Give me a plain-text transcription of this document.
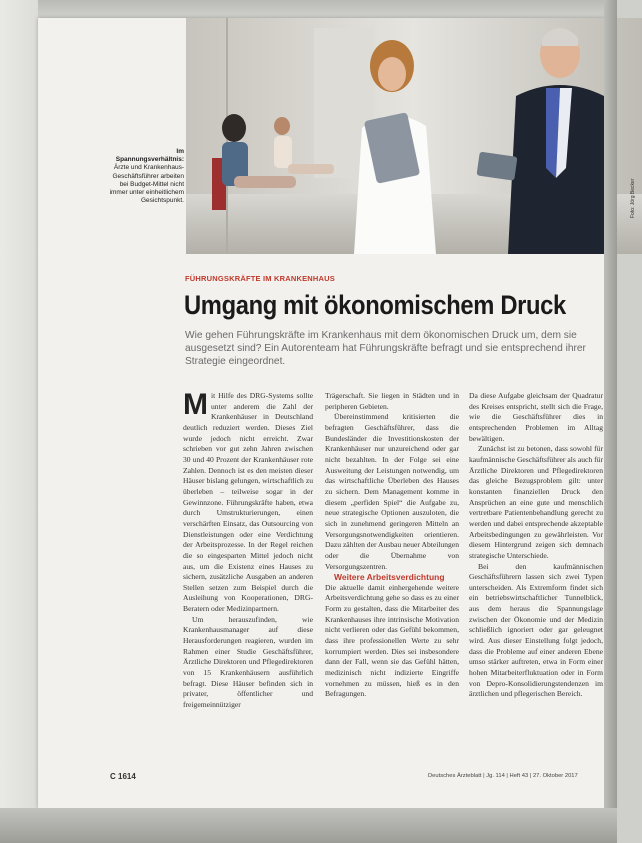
Im Spannungsverhältnis: Ärzte und Krankenhaus-Geschäftsführer arbeiten bei Budget-Mittel nicht immer unter einheitlichem Gesichtspunkt.	Foto: Jörg Becker
FÜHRUNGSKRÄFTE IM KRANKENHAUS
Umgang mit ökonomischem Druck
Wie gehen Führungskräfte im Krankenhaus mit dem ökonomischen Druck um, dem sie ausgesetzt sind? Ein Autorenteam hat Führungskräfte befragt und sie entsprechend ihrer Strategie eingeordnet.

Mit Hilfe des DRG-Systems sollte unter anderem die Zahl der Krankenhäuser in Deutschland deutlich reduziert werden. Dieses Ziel wurde jedoch nicht erreicht. Zwar schrieben vor gut zehn Jahren zwischen 30 und 40 Prozent der Krankenhäuser rote Zahlen. Dennoch ist es den meisten dieser Häuser bislang gelungen, wirtschaftlich zu überleben – teilweise sogar in der Gewinnzone. Führungskräfte haben, etwa durch Umstrukturierungen, einen verschärften Einsatz, das Outsourcing von Dienstleistungen oder eine Verdichtung der Arbeitsprozesse. In der Regel reichen die so eingesparten Mittel jedoch nicht aus, um die Existenz eines Hauses zu sichern, zusätzliche Ausgaben an anderen Stellen setzen zum Beispiel durch die Ausleihung von Kooperationen, DRG-Beratern oder Medizinpartnern.

Um herauszufinden, wie Krankenhausmanager auf diese Herausforderungen reagieren, wurden im Rahmen einer Studie Geschäftsführer, Ärztliche Direktoren und Pflegedirektoren von 15 Krankenhäusern ausführlich befragt. Diese Häuser befinden sich in privater, öffentlicher und freigemeinnütziger

Trägerschaft. Sie liegen in Städten und in peripheren Gebieten.

Übereinstimmend kritisierten die befragten Geschäftsführer, dass die Bundesländer die Investitionskosten der Krankenhäuser nur unzureichend oder gar nicht bezahlten. In der Folge sei eine Ausweitung der Leistungen notwendig, um das wirtschaftliche Überleben des Hauses zu sichern. Dem Management komme in diesem „perfiden Spiel“ die Aufgabe zu, neue strategische Optionen auszuloten, die sich in zunehmend geringeren Mitteln an Versorgungsnotwendigkeiten orientieren. Dazu zählten der Ausbau neuer Abteilungen oder die Übernahme von Versorgungszentren.

Weitere Arbeitsverdichtung

Die aktuelle damit einhergehende weitere Arbeitsverdichtung gehe so dass es zu einer Form zu gestalten, dass die Mitarbeiter des Krankenhauses ihre intrinsische Motivation nicht verlieren oder das Gefühl bekommen, dass ihre professionellen Werte zu sehr korrumpiert werden. Dies sei insbesondere dann der Fall, wenn sie das Gefühl hätten, medizinisch nicht indizierte Eingriffe vornehmen zu müssen, hieß es in den Befragungen.

Da diese Aufgabe gleichsam der Quadratur des Kreises entspricht, stellt sich die Frage, wie die Geschäftsführer dies in entsprechenden Problemen im Alltag bewältigen.

Zunächst ist zu betonen, dass sowohl für kaufmännische Geschäftsführer als auch für Ärztliche Direktoren und Pflegedirektoren das gleiche Bezugsproblem gilt: unter konstanten finanziellen Druck den Ansprüchen an eine gute und menschlich vertretbare Patientenbehandlung gerecht zu werden und dabei entsprechende akzeptable Arbeitsbedingungen zu gewährleisten. Vor diesem Hintergrund zeigen sich demnach strategische Unterschiede.

Bei den kaufmännischen Geschäftsführern lassen sich zwei Typen unterscheiden. Als Extremform findet sich ein betriebswirtschaftlicher Tunnelblick, aus dem heraus die Spannungslage zwischen der Ökonomie und der Medizin schließlich ignoriert oder gar geleugnet wird. Aus dieser Einstellung folgt jedoch, dass die Probleme auf einer anderen Ebene umso stärker auftreten, etwa in Form einer hohen Mitarbeiterfluktuation oder in Form von Depro-Konsolidierungstendenzen im ärztlichen und pflegerischen Bereich.

C 1614	Deutsches Ärzteblatt | Jg. 114 | Heft 43 | 27. Oktober 2017
